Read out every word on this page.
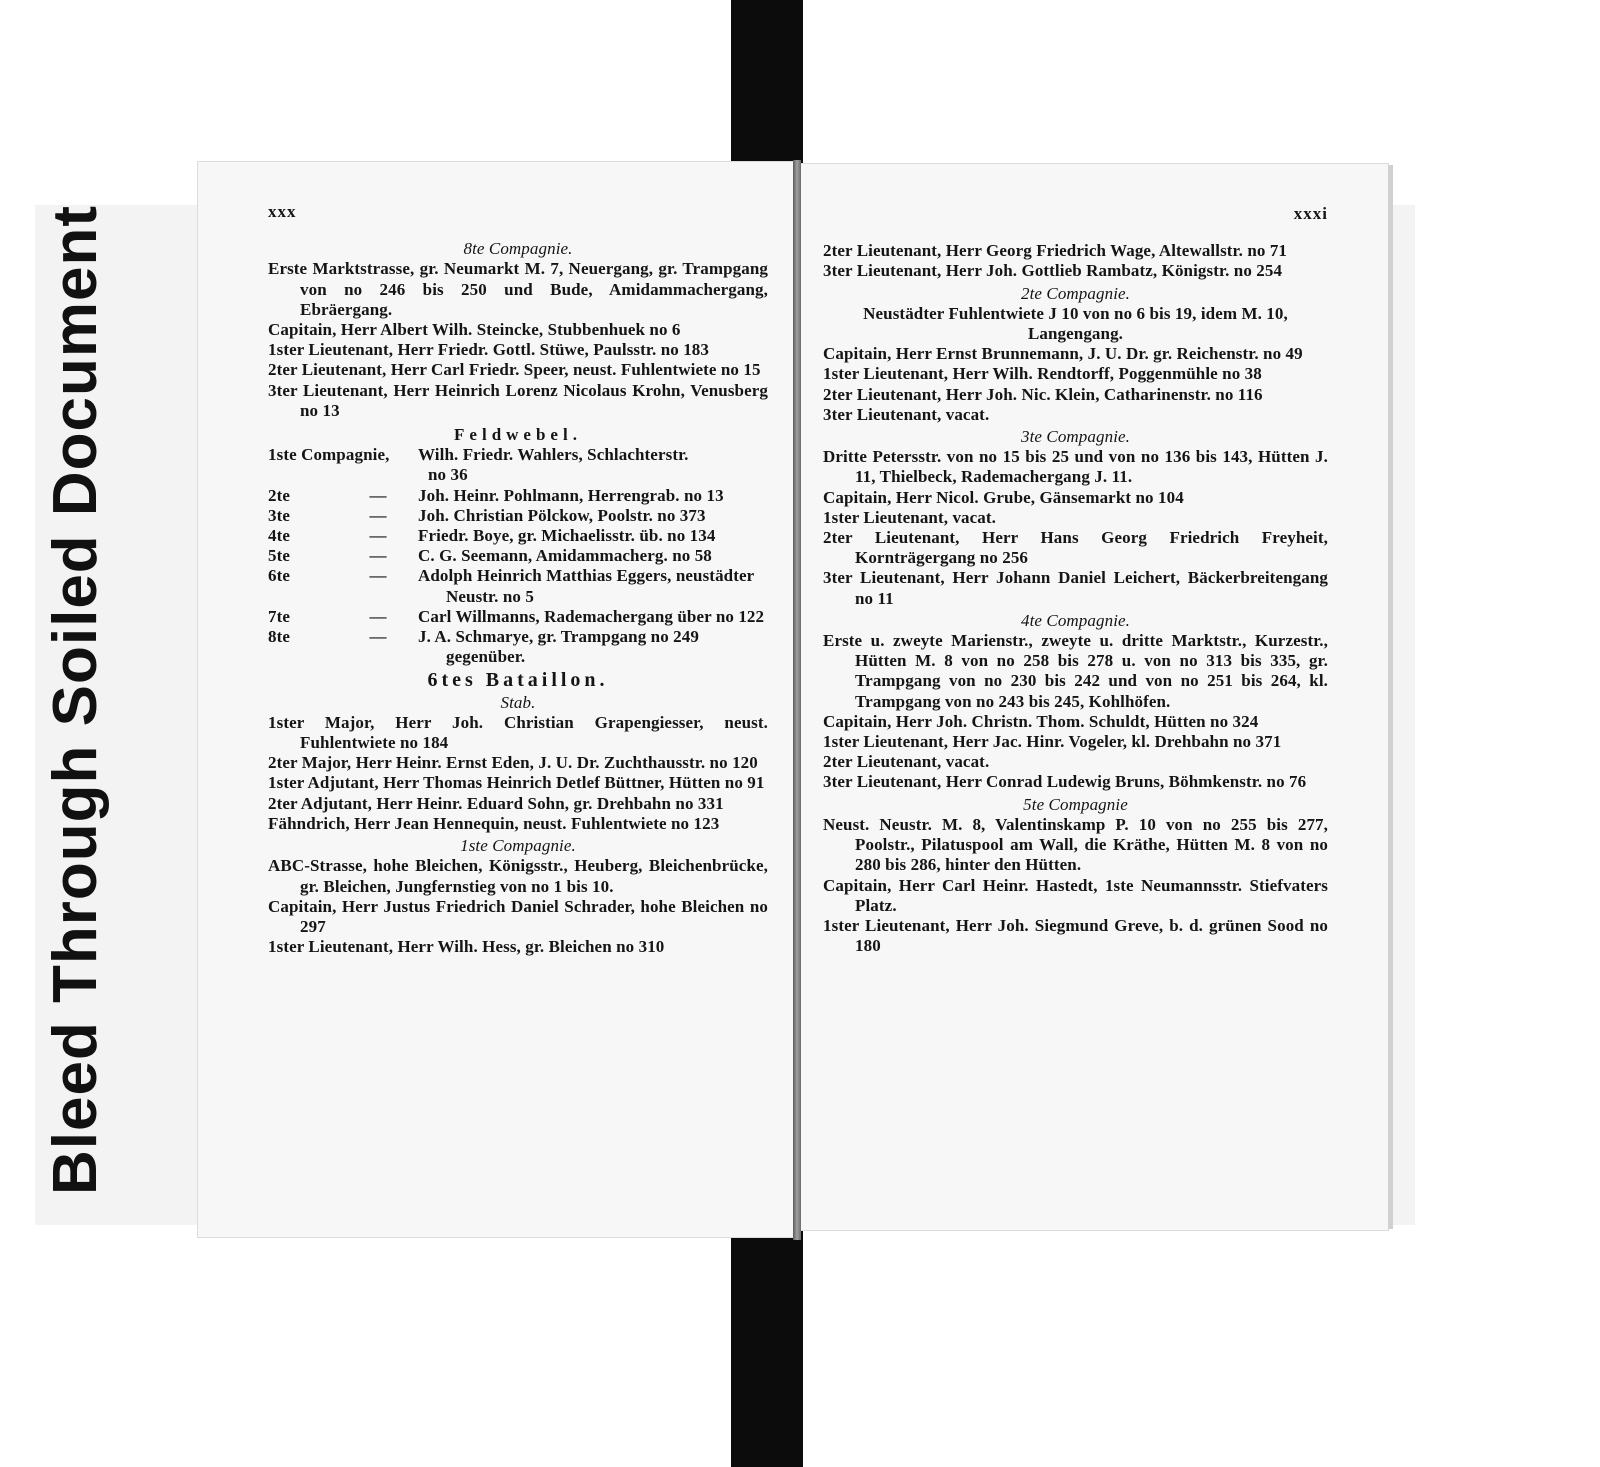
Bleed Through Soiled Document	xxx
8te Compagnie.
Erste Marktstrasse, gr. Neumarkt M. 7, Neuergang, gr. Trampgang von no 246 bis 250 und Bude, Amidammachergang, Ebräergang.
Capitain, Herr Albert Wilh. Steincke, Stubbenhuek no 6
1ster Lieutenant, Herr Friedr. Gottl. Stüwe, Paulsstr. no 183
2ter Lieutenant, Herr Carl Friedr. Speer, neust. Fuhlentwiete no 15
3ter Lieutenant, Herr Heinrich Lorenz Nicolaus Krohn, Venusberg no 13
Feldwebel.
1ste Compagnie,	Wilh. Friedr. Wahlers, Schlachterstr.
no 36
2te	—	Joh. Heinr. Pohlmann, Herrengrab. no 13
3te	—	Joh. Christian Pölckow, Poolstr. no 373
4te	—	Friedr. Boye, gr. Michaelisstr. üb. no 134
5te	—	C. G. Seemann, Amidammacherg. no 58
6te	—	Adolph Heinrich Matthias Eggers, neustädter Neustr. no 5
7te	—	Carl Willmanns, Rademachergang über no 122
8te	—	J. A. Schmarye, gr. Trampgang no 249 gegenüber.
6tes Bataillon.
Stab.
1ster Major, Herr Joh. Christian Grapengiesser, neust. Fuhlentwiete no 184
2ter Major, Herr Heinr. Ernst Eden, J. U. Dr. Zuchthausstr. no 120
1ster Adjutant, Herr Thomas Heinrich Detlef Büttner, Hütten no 91
2ter Adjutant, Herr Heinr. Eduard Sohn, gr. Drehbahn no 331
Fähndrich, Herr Jean Hennequin, neust. Fuhlentwiete no 123
1ste Compagnie.
ABC-Strasse, hohe Bleichen, Königsstr., Heuberg, Bleichenbrücke, gr. Bleichen, Jungfernstieg von no 1 bis 10.
Capitain, Herr Justus Friedrich Daniel Schrader, hohe Bleichen no 297
1ster Lieutenant, Herr Wilh. Hess, gr. Bleichen no 310
xxxi
2ter Lieutenant, Herr Georg Friedrich Wage, Altewallstr. no 71
3ter Lieutenant, Herr Joh. Gottlieb Rambatz, Königstr. no 254
2te Compagnie.
Neustädter Fuhlentwiete J 10 von no 6 bis 19, idem M. 10, Langengang.
Capitain, Herr Ernst Brunnemann, J. U. Dr. gr. Reichenstr. no 49
1ster Lieutenant, Herr Wilh. Rendtorff, Poggenmühle no 38
2ter Lieutenant, Herr Joh. Nic. Klein, Catharinenstr. no 116
3ter Lieutenant, vacat.
3te Compagnie.
Dritte Petersstr. von no 15 bis 25 und von no 136 bis 143, Hütten J. 11, Thielbeck, Rademachergang J. 11.
Capitain, Herr Nicol. Grube, Gänsemarkt no 104
1ster Lieutenant, vacat.
2ter Lieutenant, Herr Hans Georg Friedrich Freyheit, Kornträgergang no 256
3ter Lieutenant, Herr Johann Daniel Leichert, Bäckerbreitengang no 11
4te Compagnie.
Erste u. zweyte Marienstr., zweyte u. dritte Marktstr., Kurzestr., Hütten M. 8 von no 258 bis 278 u. von no 313 bis 335, gr. Trampgang von no 230 bis 242 und von no 251 bis 264, kl. Trampgang von no 243 bis 245, Kohlhöfen.
Capitain, Herr Joh. Christn. Thom. Schuldt, Hütten no 324
1ster Lieutenant, Herr Jac. Hinr. Vogeler, kl. Drehbahn no 371
2ter Lieutenant, vacat.
3ter Lieutenant, Herr Conrad Ludewig Bruns, Böhmkenstr. no 76
5te Compagnie
Neust. Neustr. M. 8, Valentinskamp P. 10 von no 255 bis 277, Poolstr., Pilatuspool am Wall, die Kräthe, Hütten M. 8 von no 280 bis 286, hinter den Hütten.
Capitain, Herr Carl Heinr. Hastedt, 1ste Neumannsstr. Stiefvaters Platz.
1ster Lieutenant, Herr Joh. Siegmund Greve, b. d. grünen Sood no 180
